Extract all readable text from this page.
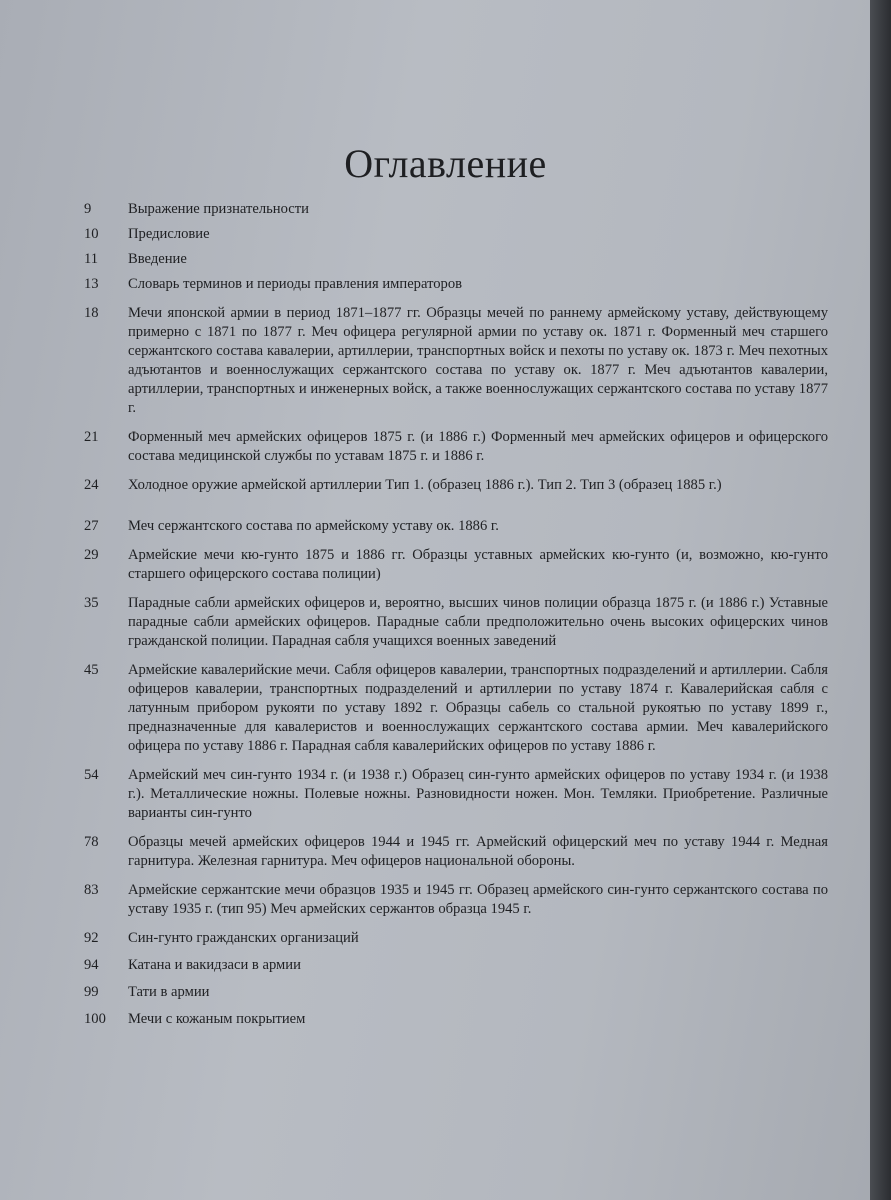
Оглавление
9	Выражение признательности
10	Предисловие
11	Введение
13	Словарь терминов и периоды правления императоров
18	Мечи японской армии в период 1871–1877 гг. Образцы мечей по раннему армейскому уставу, действующему примерно с 1871 по 1877 г. Меч офицера регулярной армии по уставу ок. 1871 г. Форменный меч старшего сержантского состава кавалерии, артиллерии, транспортных войск и пехоты по уставу ок. 1873 г. Меч пехотных адъютантов и военнослужащих сержантского состава по уставу ок. 1877 г. Меч адъютантов кавалерии, артиллерии, транспортных и инженерных войск, а также военнослужащих сержантского состава по уставу 1877 г.
21	Форменный меч армейских офицеров 1875 г. (и 1886 г.) Форменный меч армейских офицеров и офицерского состава медицинской службы по уставам 1875 г. и 1886 г.
24	Холодное оружие армейской артиллерии Тип 1. (образец 1886 г.). Тип 2. Тип 3 (образец 1885 г.)
27	Меч сержантского состава по армейскому уставу ок. 1886 г.
29	Армейские мечи кю-гунто 1875 и 1886 гг. Образцы уставных армейских кю-гунто (и, возможно, кю-гунто старшего офицерского состава полиции)
35	Парадные сабли армейских офицеров и, вероятно, высших чинов полиции образца 1875 г. (и 1886 г.) Уставные парадные сабли армейских офицеров. Парадные сабли предположительно очень высоких офицерских чинов гражданской полиции. Парадная сабля учащихся военных заведений
45	Армейские кавалерийские мечи. Сабля офицеров кавалерии, транспортных подразделений и артиллерии. Сабля офицеров кавалерии, транспортных подразделений и артиллерии по уставу 1874 г. Кавалерийская сабля с латунным прибором рукояти по уставу 1892 г. Образцы сабель со стальной рукоятью по уставу 1899 г., предназначенные для кавалеристов и военнослужащих сержантского состава армии. Меч кавалерийского офицера по уставу 1886 г. Парадная сабля кавалерийских офицеров по уставу 1886 г.
54	Армейский меч син-гунто 1934 г. (и 1938 г.) Образец син-гунто армейских офицеров по уставу 1934 г. (и 1938 г.). Металлические ножны. Полевые ножны. Разновидности ножен. Мон. Темляки. Приобретение. Различные варианты син-гунто
78	Образцы мечей армейских офицеров 1944 и 1945 гг. Армейский офицерский меч по уставу 1944 г. Медная гарнитура. Железная гарнитура. Меч офицеров национальной обороны.
83	Армейские сержантские мечи образцов 1935 и 1945 гг. Образец армейского син-гунто сержантского состава по уставу 1935 г. (тип 95) Меч армейских сержантов образца 1945 г.
92	Син-гунто гражданских организаций
94	Катана и вакидзаси в армии
99	Тати в армии
100	Мечи с кожаным покрытием
